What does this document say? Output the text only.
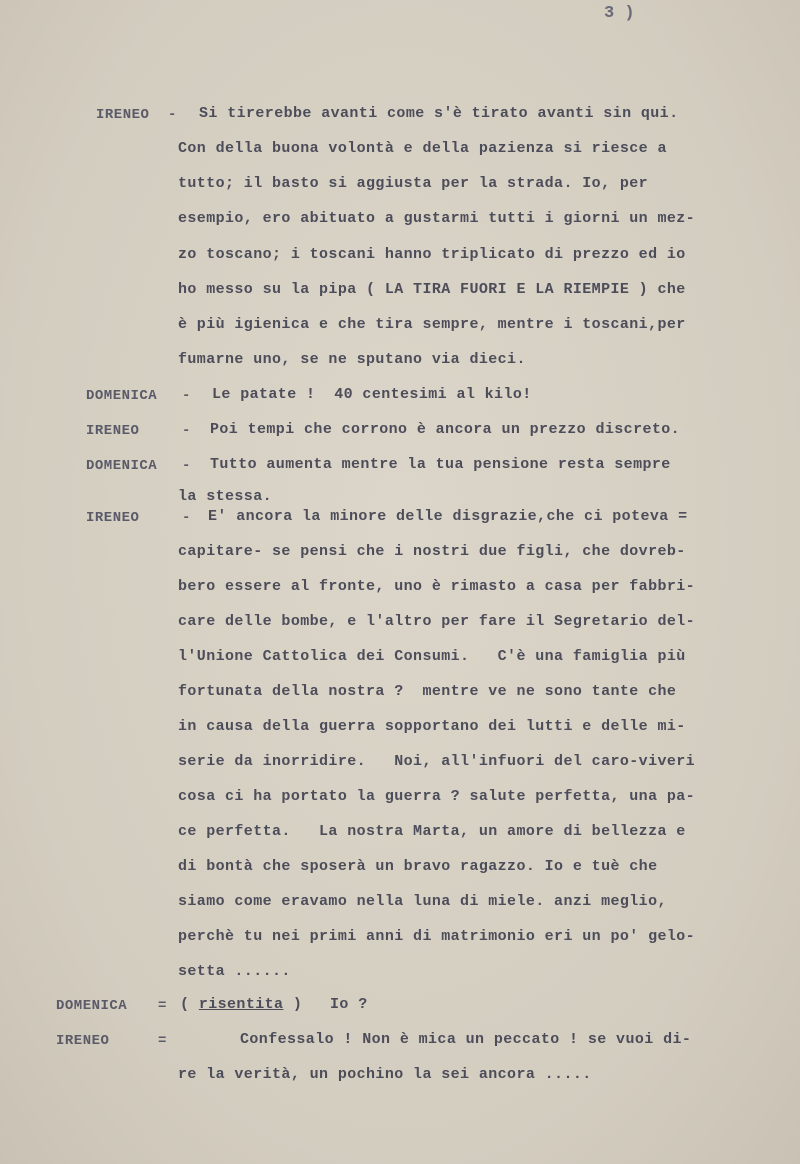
3 )
IRENEO - Si tirerebbe avanti come s'è tirato avanti sin qui.
Con della buona volontà e della pazienza si riesce a
tutto; il basto si aggiusta per la strada. Io, per
esempio, ero abituato a gustarmi tutti i giorni un mez-
zo toscano; i toscani hanno triplicato di prezzo ed io
ho messo su la pipa ( LA TIRA FUORI E LA RIEMPIE ) che
è più igienica e che tira sempre, mentre i toscani,per
fumarne uno, se ne sputano via dieci.
DOMENICA - Le patate !  40 centesimi al kilo!
IRENEO	- Poi tempi che corrono è ancora un prezzo discreto.
DOMENICA - Tutto aumenta mentre la tua pensione resta sempre
la stessa.
IRENEO	- E' ancora la minore delle disgrazie,che ci poteva =
capitare- se pensi che i nostri due figli, che dovreb-
bero essere al fronte, uno è rimasto a casa per fabbri-
care delle bombe, e l'altro per fare il Segretario del-
l'Unione Cattolica dei Consumi.   C'è una famiglia più
fortunata della nostra ?  mentre ve ne sono tante che
in causa della guerra sopportano dei lutti e delle mi-
serie da inorridire.   Noi, all'infuori del caro-viveri
cosa ci ha portato la guerra ? salute perfetta, una pa-
ce perfetta.   La nostra Marta, un amore di bellezza e
di bontà che sposerà un bravo ragazzo. Io e tuè che
siamo come eravamo nella luna di miele. anzi meglio,
perchè tu nei primi anni di matrimonio eri un po' gelo-
setta ......
DOMENICA = ( risentita ) Io ?
IRENEO	=	Confessalo ! Non è mica un peccato ! se vuoi di-
re la verità, un pochino la sei ancora .....
